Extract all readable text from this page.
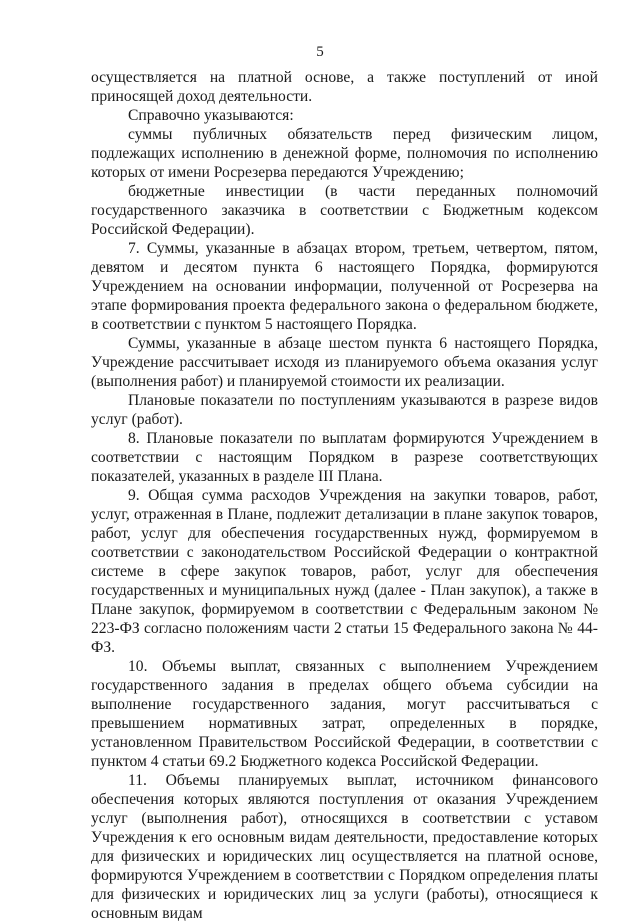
5

осуществляется на платной основе, а также поступлений от иной приносящей доход деятельности.

Справочно указываются:

суммы публичных обязательств перед физическим лицом, подлежащих исполнению в денежной форме, полномочия по исполнению которых от имени Росрезерва передаются Учреждению;

бюджетные инвестиции (в части переданных полномочий государственного заказчика в соответствии с Бюджетным кодексом Российской Федерации).

7. Суммы, указанные в абзацах втором, третьем, четвертом, пятом, девятом и десятом пункта 6 настоящего Порядка, формируются Учреждением на основании информации, полученной от Росрезерва на этапе формирования проекта федерального закона о федеральном бюджете, в соответствии с пунктом 5 настоящего Порядка.

Суммы, указанные в абзаце шестом пункта 6 настоящего Порядка, Учреждение рассчитывает исходя из планируемого объема оказания услуг (выполнения работ) и планируемой стоимости их реализации.

Плановые показатели по поступлениям указываются в разрезе видов услуг (работ).

8. Плановые показатели по выплатам формируются Учреждением в соответствии с настоящим Порядком в разрезе соответствующих показателей, указанных в разделе III Плана.

9. Общая сумма расходов Учреждения на закупки товаров, работ, услуг, отраженная в Плане, подлежит детализации в плане закупок товаров, работ, услуг для обеспечения государственных нужд, формируемом в соответствии с законодательством Российской Федерации о контрактной системе в сфере закупок товаров, работ, услуг для обеспечения государственных и муниципальных нужд (далее - План закупок), а также в Плане закупок, формируемом в соответствии с Федеральным законом № 223-ФЗ согласно положениям части 2 статьи 15 Федерального закона № 44-ФЗ.

10. Объемы выплат, связанных с выполнением Учреждением государственного задания в пределах общего объема субсидии на выполнение государственного задания, могут рассчитываться с превышением нормативных затрат, определенных в порядке, установленном Правительством Российской Федерации, в соответствии с пунктом 4 статьи 69.2 Бюджетного кодекса Российской Федерации.

11. Объемы планируемых выплат, источником финансового обеспечения которых являются поступления от оказания Учреждением услуг (выполнения работ), относящихся в соответствии с уставом Учреждения к его основным видам деятельности, предоставление которых для физических и юридических лиц осуществляется на платной основе, формируются Учреждением в соответствии с Порядком определения платы для физических и юридических лиц за услуги (работы), относящиеся к основным видам
